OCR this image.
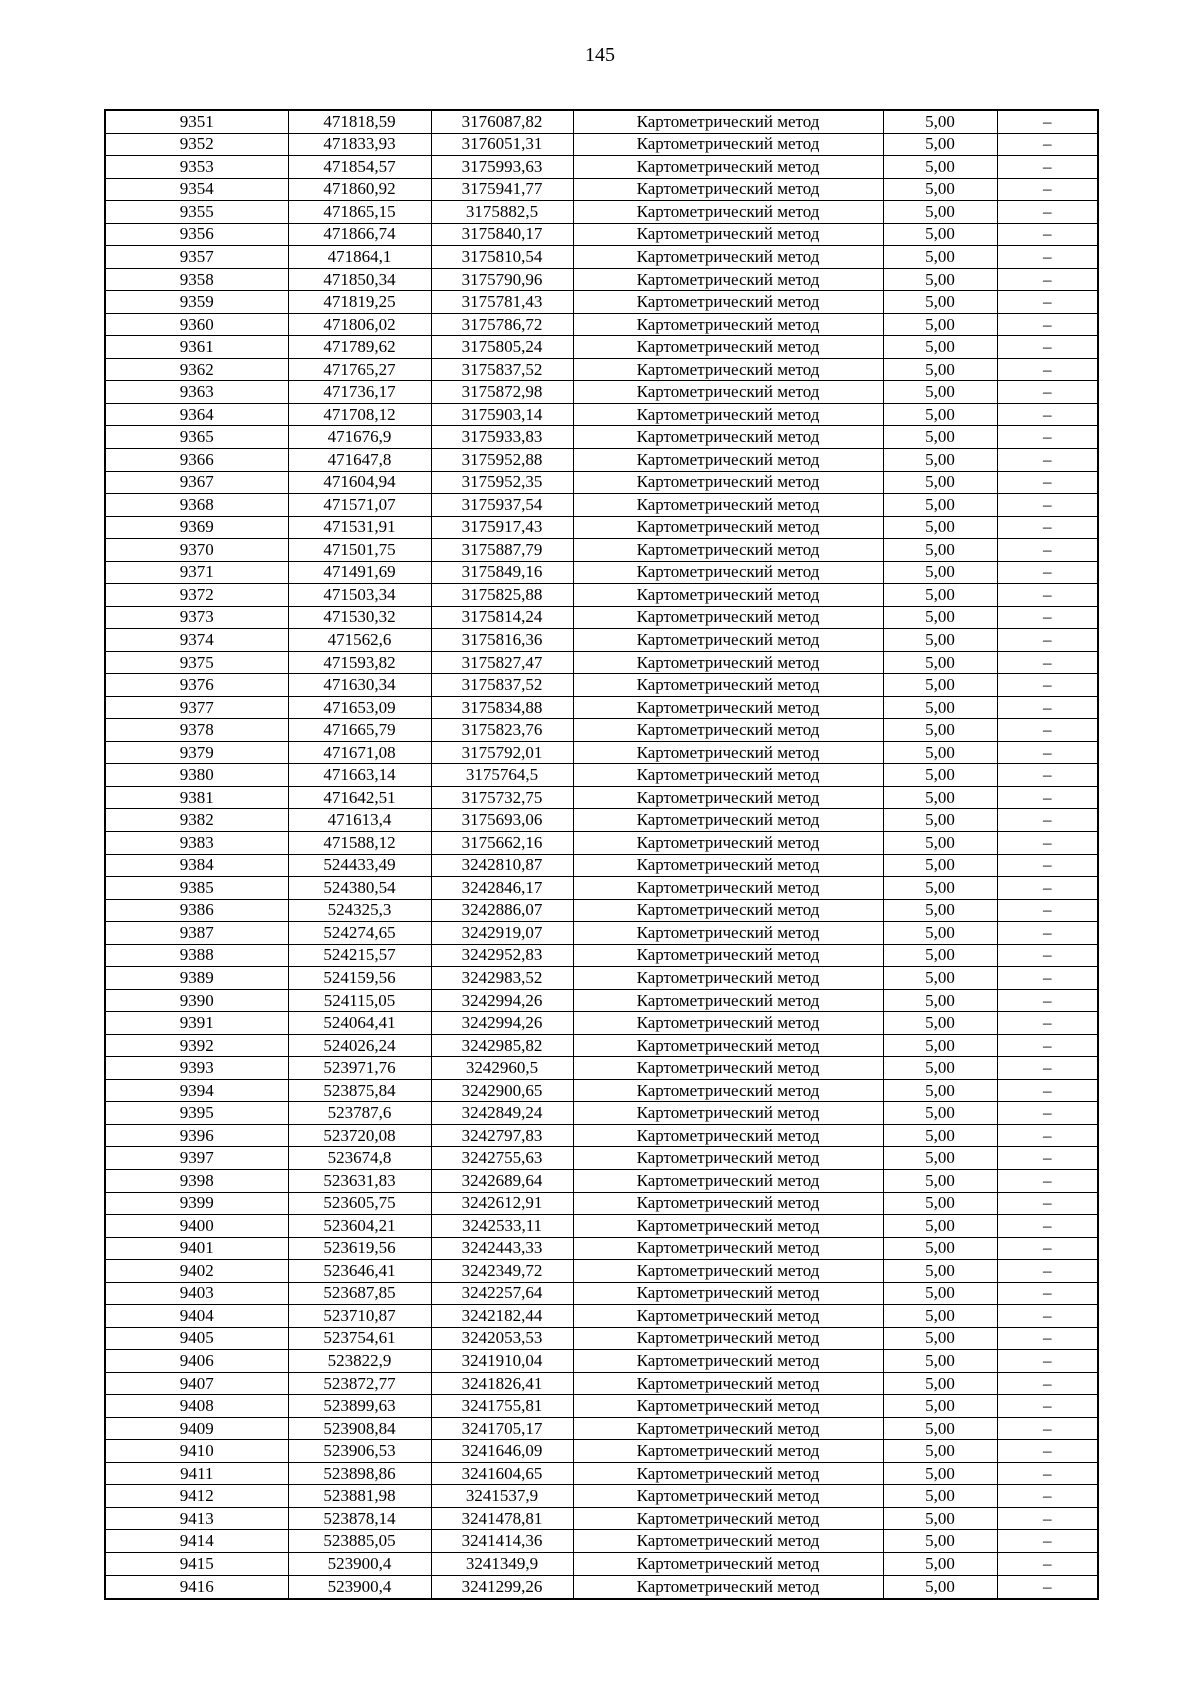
145
9351	471818,59	3176087,82	Картометрический метод	5,00	–
9352	471833,93	3176051,31	Картометрический метод	5,00	–
9353	471854,57	3175993,63	Картометрический метод	5,00	–
9354	471860,92	3175941,77	Картометрический метод	5,00	–
9355	471865,15	3175882,5	Картометрический метод	5,00	–
9356	471866,74	3175840,17	Картометрический метод	5,00	–
9357	471864,1	3175810,54	Картометрический метод	5,00	–
9358	471850,34	3175790,96	Картометрический метод	5,00	–
9359	471819,25	3175781,43	Картометрический метод	5,00	–
9360	471806,02	3175786,72	Картометрический метод	5,00	–
9361	471789,62	3175805,24	Картометрический метод	5,00	–
9362	471765,27	3175837,52	Картометрический метод	5,00	–
9363	471736,17	3175872,98	Картометрический метод	5,00	–
9364	471708,12	3175903,14	Картометрический метод	5,00	–
9365	471676,9	3175933,83	Картометрический метод	5,00	–
9366	471647,8	3175952,88	Картометрический метод	5,00	–
9367	471604,94	3175952,35	Картометрический метод	5,00	–
9368	471571,07	3175937,54	Картометрический метод	5,00	–
9369	471531,91	3175917,43	Картометрический метод	5,00	–
9370	471501,75	3175887,79	Картометрический метод	5,00	–
9371	471491,69	3175849,16	Картометрический метод	5,00	–
9372	471503,34	3175825,88	Картометрический метод	5,00	–
9373	471530,32	3175814,24	Картометрический метод	5,00	–
9374	471562,6	3175816,36	Картометрический метод	5,00	–
9375	471593,82	3175827,47	Картометрический метод	5,00	–
9376	471630,34	3175837,52	Картометрический метод	5,00	–
9377	471653,09	3175834,88	Картометрический метод	5,00	–
9378	471665,79	3175823,76	Картометрический метод	5,00	–
9379	471671,08	3175792,01	Картометрический метод	5,00	–
9380	471663,14	3175764,5	Картометрический метод	5,00	–
9381	471642,51	3175732,75	Картометрический метод	5,00	–
9382	471613,4	3175693,06	Картометрический метод	5,00	–
9383	471588,12	3175662,16	Картометрический метод	5,00	–
9384	524433,49	3242810,87	Картометрический метод	5,00	–
9385	524380,54	3242846,17	Картометрический метод	5,00	–
9386	524325,3	3242886,07	Картометрический метод	5,00	–
9387	524274,65	3242919,07	Картометрический метод	5,00	–
9388	524215,57	3242952,83	Картометрический метод	5,00	–
9389	524159,56	3242983,52	Картометрический метод	5,00	–
9390	524115,05	3242994,26	Картометрический метод	5,00	–
9391	524064,41	3242994,26	Картометрический метод	5,00	–
9392	524026,24	3242985,82	Картометрический метод	5,00	–
9393	523971,76	3242960,5	Картометрический метод	5,00	–
9394	523875,84	3242900,65	Картометрический метод	5,00	–
9395	523787,6	3242849,24	Картометрический метод	5,00	–
9396	523720,08	3242797,83	Картометрический метод	5,00	–
9397	523674,8	3242755,63	Картометрический метод	5,00	–
9398	523631,83	3242689,64	Картометрический метод	5,00	–
9399	523605,75	3242612,91	Картометрический метод	5,00	–
9400	523604,21	3242533,11	Картометрический метод	5,00	–
9401	523619,56	3242443,33	Картометрический метод	5,00	–
9402	523646,41	3242349,72	Картометрический метод	5,00	–
9403	523687,85	3242257,64	Картометрический метод	5,00	–
9404	523710,87	3242182,44	Картометрический метод	5,00	–
9405	523754,61	3242053,53	Картометрический метод	5,00	–
9406	523822,9	3241910,04	Картометрический метод	5,00	–
9407	523872,77	3241826,41	Картометрический метод	5,00	–
9408	523899,63	3241755,81	Картометрический метод	5,00	–
9409	523908,84	3241705,17	Картометрический метод	5,00	–
9410	523906,53	3241646,09	Картометрический метод	5,00	–
9411	523898,86	3241604,65	Картометрический метод	5,00	–
9412	523881,98	3241537,9	Картометрический метод	5,00	–
9413	523878,14	3241478,81	Картометрический метод	5,00	–
9414	523885,05	3241414,36	Картометрический метод	5,00	–
9415	523900,4	3241349,9	Картометрический метод	5,00	–
9416	523900,4	3241299,26	Картометрический метод	5,00	–
